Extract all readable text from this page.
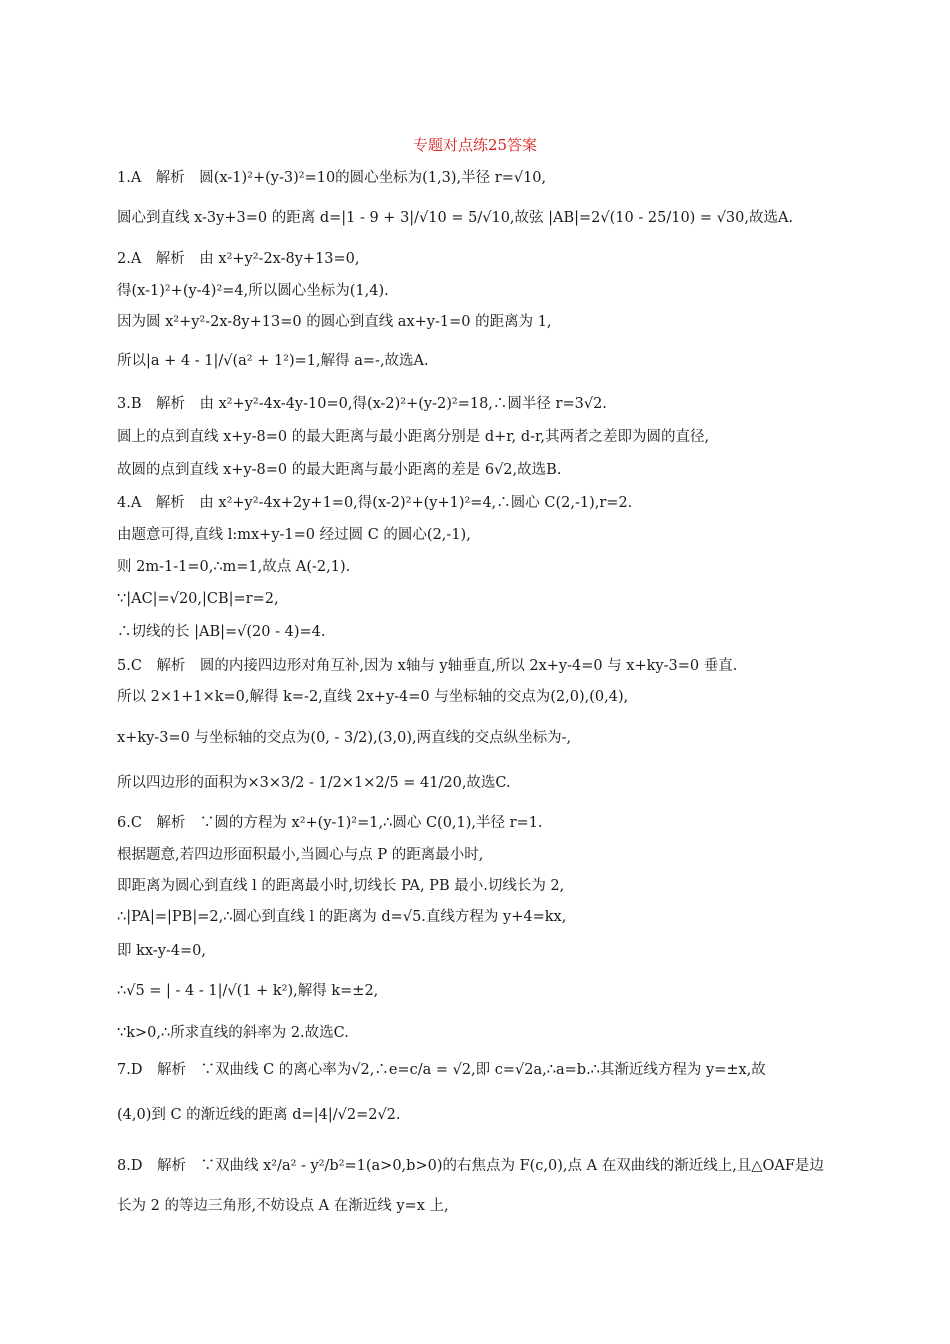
专题对点练25答案
1.A　解析　圆(x-1)²+(y-3)²=10的圆心坐标为(1,3),半径 r=√10,
圆心到直线 x-3y+3=0 的距离 d=|1 - 9 + 3|/√10 = 5/√10,故弦 |AB|=2√(10 - 25/10) = √30,故选A.
2.A　解析　由 x²+y²-2x-8y+13=0,
得(x-1)²+(y-4)²=4,所以圆心坐标为(1,4).
因为圆 x²+y²-2x-8y+13=0 的圆心到直线 ax+y-1=0 的距离为 1,
所以|a + 4 - 1|/√(a² + 1²)=1,解得 a=-,故选A.
3.B　解析　由 x²+y²-4x-4y-10=0,得(x-2)²+(y-2)²=18,∴圆半径 r=3√2.
圆上的点到直线 x+y-8=0 的最大距离与最小距离分别是 d+r, d-r,其两者之差即为圆的直径,
故圆的点到直线 x+y-8=0 的最大距离与最小距离的差是 6√2,故选B.
4.A　解析　由 x²+y²-4x+2y+1=0,得(x-2)²+(y+1)²=4,∴圆心 C(2,-1),r=2.
由题意可得,直线 l:mx+y-1=0 经过圆 C 的圆心(2,-1),
则 2m-1-1=0,∴m=1,故点 A(-2,1).
∵|AC|=√20,|CB|=r=2,
∴切线的长 |AB|=√(20 - 4)=4.
5.C　解析　圆的内接四边形对角互补,因为 x轴与 y轴垂直,所以 2x+y-4=0 与 x+ky-3=0 垂直.
所以 2×1+1×k=0,解得 k=-2,直线 2x+y-4=0 与坐标轴的交点为(2,0),(0,4),
x+ky-3=0 与坐标轴的交点为(0, - 3/2),(3,0),两直线的交点纵坐标为-,
所以四边形的面积为×3×3/2 - 1/2×1×2/5 = 41/20,故选C.
6.C　解析　∵圆的方程为 x²+(y-1)²=1,∴圆心 C(0,1),半径 r=1.
根据题意,若四边形面积最小,当圆心与点 P 的距离最小时,
即距离为圆心到直线 l 的距离最小时,切线长 PA, PB 最小.切线长为 2,
∴|PA|=|PB|=2,∴圆心到直线 l 的距离为 d=√5.直线方程为 y+4=kx,
即 kx-y-4=0,
∴√5 = | - 4 - 1|/√(1 + k²),解得 k=±2,
∵k>0,∴所求直线的斜率为 2.故选C.
7.D　解析　∵双曲线 C 的离心率为√2,∴e=c/a = √2,即 c=√2a,∴a=b.∴其渐近线方程为 y=±x,故
(4,0)到 C 的渐近线的距离 d=|4|/√2=2√2.
8.D　解析　∵双曲线 x²/a² - y²/b²=1(a>0,b>0)的右焦点为 F(c,0),点 A 在双曲线的渐近线上,且△OAF是边
长为 2 的等边三角形,不妨设点 A 在渐近线 y=x 上,
